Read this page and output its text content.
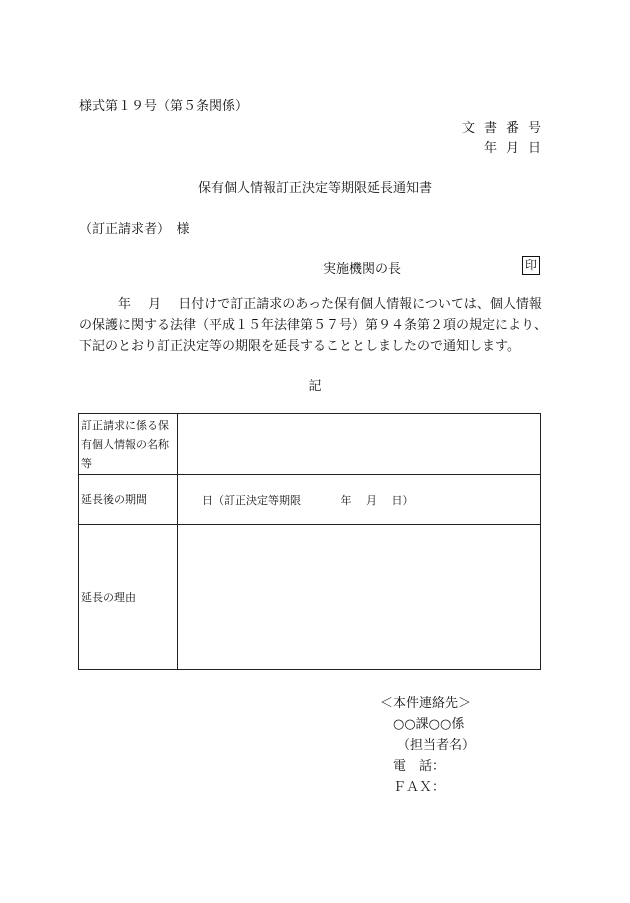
様式第１９号（第５条関係）
文書番号
年月日
保有個人情報訂正決定等期限延長通知書
（訂正請求者）　様
実施機関の長	印

　　　年　 月　 日付けで訂正請求のあった保有個人情報については、個人情報

の保護に関する法律（平成１５年法律第５７号）第９４条第２項の規定により、

下記のとおり訂正決定等の期限を延長することとしましたので通知します。

記
訂正請求に係る保有個人情報の名称等	
延長後の期間	日（訂正決定等期限 年　 月　 日）
延長の理由	
＜本件連絡先＞
○○課○○係
（担当者名）
電　話：
ＦＡＸ：
